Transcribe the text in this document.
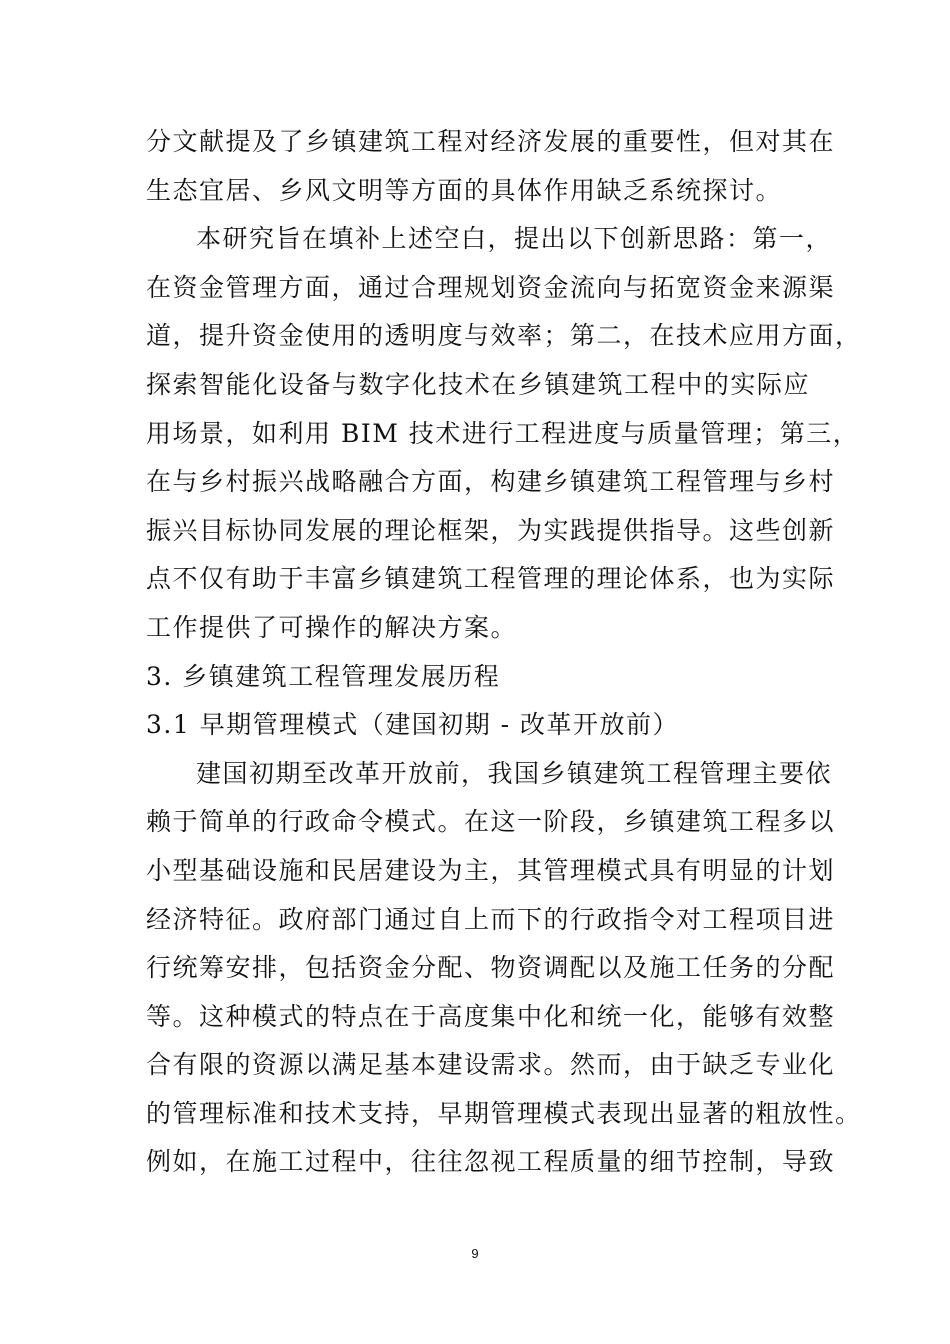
分文献提及了乡镇建筑工程对经济发展的重要性，但对其在
生态宜居、乡风文明等方面的具体作用缺乏系统探讨。
本研究旨在填补上述空白，提出以下创新思路：第一，
在资金管理方面，通过合理规划资金流向与拓宽资金来源渠
道，提升资金使用的透明度与效率；第二，在技术应用方面，
探索智能化设备与数字化技术在乡镇建筑工程中的实际应
用场景，如利用 BIM 技术进行工程进度与质量管理；第三，
在与乡村振兴战略融合方面，构建乡镇建筑工程管理与乡村
振兴目标协同发展的理论框架，为实践提供指导。这些创新
点不仅有助于丰富乡镇建筑工程管理的理论体系，也为实际
工作提供了可操作的解决方案。
3. 乡镇建筑工程管理发展历程
3.1 早期管理模式（建国初期 - 改革开放前）
建国初期至改革开放前，我国乡镇建筑工程管理主要依
赖于简单的行政命令模式。在这一阶段，乡镇建筑工程多以
小型基础设施和民居建设为主，其管理模式具有明显的计划
经济特征。政府部门通过自上而下的行政指令对工程项目进
行统筹安排，包括资金分配、物资调配以及施工任务的分配
等。这种模式的特点在于高度集中化和统一化，能够有效整
合有限的资源以满足基本建设需求。然而，由于缺乏专业化
的管理标准和技术支持，早期管理模式表现出显著的粗放性。
例如，在施工过程中，往往忽视工程质量的细节控制，导致
9
